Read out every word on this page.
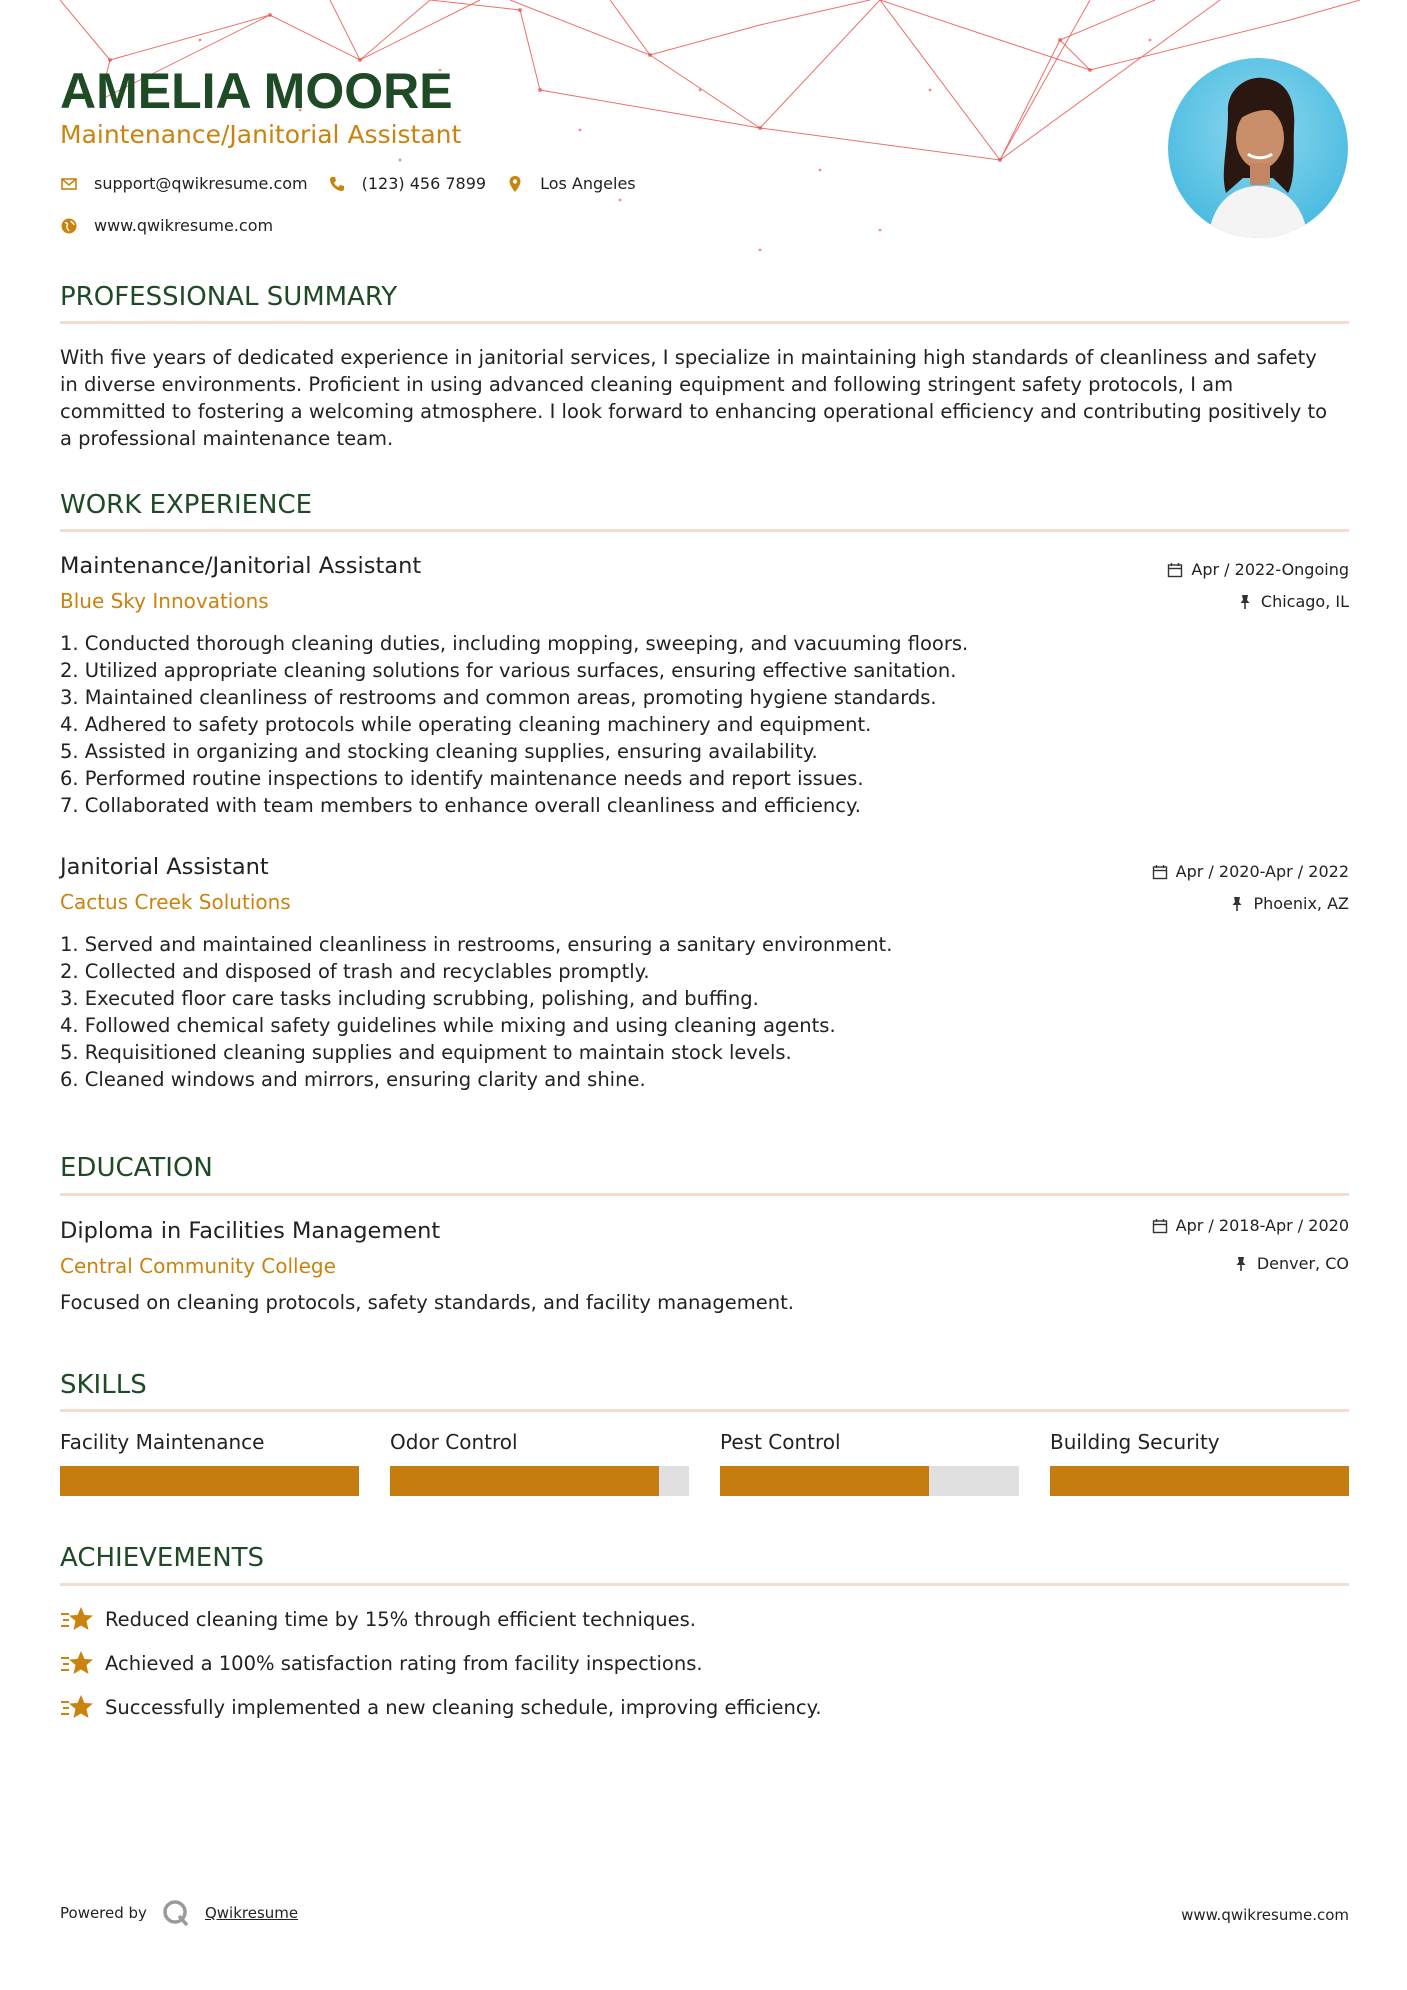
AMELIA MOORE
Maintenance/Janitorial Assistant
support@qwikresume.com	(123) 456 7899	Los Angeles
www.qwikresume.com
PROFESSIONAL SUMMARY
With five years of dedicated experience in janitorial services, I specialize in maintaining high standards of cleanliness and safety
in diverse environments. Proficient in using advanced cleaning equipment and following stringent safety protocols, I am
committed to fostering a welcoming atmosphere. I look forward to enhancing operational efficiency and contributing positively to
a professional maintenance team.
WORK EXPERIENCE
Maintenance/Janitorial Assistant
Blue Sky Innovations
Apr / 2022-Ongoing
Chicago, IL
1. Conducted thorough cleaning duties, including mopping, sweeping, and vacuuming floors.
2. Utilized appropriate cleaning solutions for various surfaces, ensuring effective sanitation.
3. Maintained cleanliness of restrooms and common areas, promoting hygiene standards.
4. Adhered to safety protocols while operating cleaning machinery and equipment.
5. Assisted in organizing and stocking cleaning supplies, ensuring availability.
6. Performed routine inspections to identify maintenance needs and report issues.
7. Collaborated with team members to enhance overall cleanliness and efficiency.
Janitorial Assistant
Cactus Creek Solutions
Apr / 2020-Apr / 2022
Phoenix, AZ
1. Served and maintained cleanliness in restrooms, ensuring a sanitary environment.
2. Collected and disposed of trash and recyclables promptly.
3. Executed floor care tasks including scrubbing, polishing, and buffing.
4. Followed chemical safety guidelines while mixing and using cleaning agents.
5. Requisitioned cleaning supplies and equipment to maintain stock levels.
6. Cleaned windows and mirrors, ensuring clarity and shine.
EDUCATION
Diploma in Facilities Management
Central Community College
Apr / 2018-Apr / 2020
Denver, CO
Focused on cleaning protocols, safety standards, and facility management.
SKILLS
Facility Maintenance	Odor Control	Pest Control	Building Security
ACHIEVEMENTS
Reduced cleaning time by 15% through efficient techniques.
Achieved a 100% satisfaction rating from facility inspections.
Successfully implemented a new cleaning schedule, improving efficiency.
Powered by	Qwikresume	www.qwikresume.com
